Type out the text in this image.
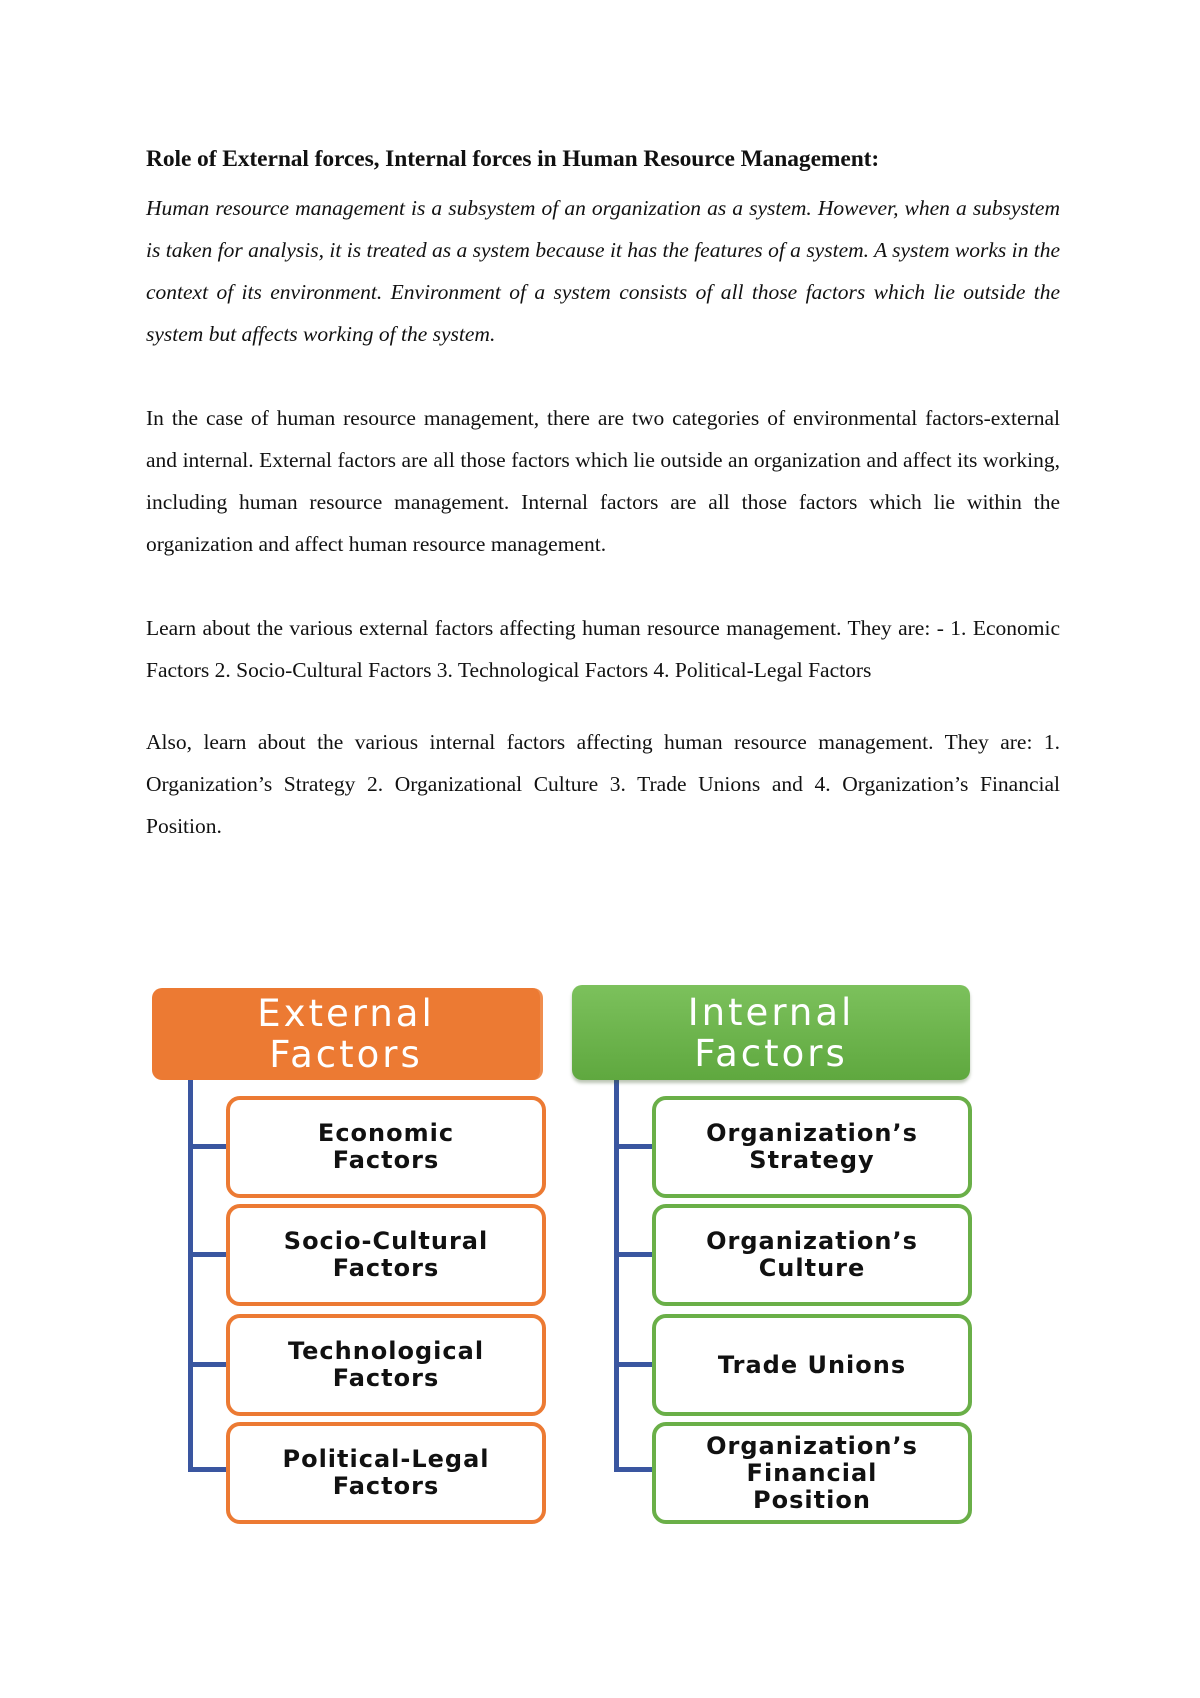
Role of External forces, Internal forces in Human Resource Management:

Human resource management is a subsystem of an organization as a system. However, when a subsystem is taken for analysis, it is treated as a system because it has the features of a system. A system works in the context of its environment. Environment of a system consists of all those factors which lie outside the system but affects working of the system.

In the case of human resource management, there are two categories of environmental factors-external and internal. External factors are all those factors which lie outside an organization and affect its working, including human resource management. Internal factors are all those factors which lie within the organization and affect human resource management.

Learn about the various external factors affecting human resource management. They are: - 1. Economic Factors 2. Socio-Cultural Factors 3. Technological Factors 4. Political-Legal Factors

Also, learn about the various internal factors affecting human resource management. They are: 1. Organization’s Strategy 2. Organizational Culture 3. Trade Unions and 4. Organization’s Financial Position.

External
Factors
Internal
Factors
Economic
Factors
Socio-Cultural
Factors
Technological
Factors
Political-Legal
Factors
Organization’s
Strategy
Organization’s
Culture
Trade Unions
Organization’s
Financial
Position
